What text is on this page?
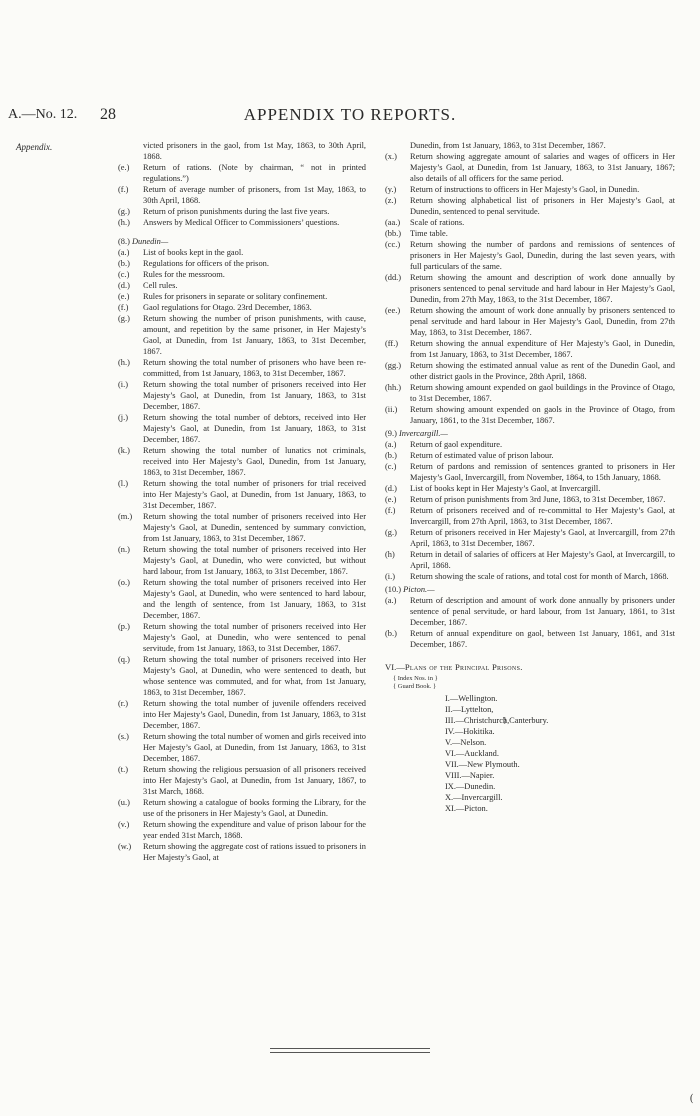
A.—No. 12. 28	APPENDIX TO REPORTS.
Appendix.	victed prisoners in the gaol, from 1st May, 1863, to 30th April, 1868.

(e.) Return of rations. (Note by chairman, “ not in printed regulations.”)

(f.) Return of average number of prisoners, from 1st May, 1863, to 30th April, 1868.

(g.) Return of prison punishments during the last five years.

(h.) Answers by Medical Officer to Commissioners’ questions.

(8.) Dunedin—

(a.) List of books kept in the gaol.

(b.) Regulations for officers of the prison.

(c.) Rules for the messroom.

(d.) Cell rules.

(e.) Rules for prisoners in separate or solitary confinement.

(f.) Gaol regulations for Otago. 23rd December, 1863.

(g.) Return showing the number of prison punishments, with cause, amount, and repetition by the same prisoner, in Her Majesty’s Gaol, at Dunedin, from 1st January, 1863, to 31st December, 1867.

(h.) Return showing the total number of prisoners who have been re-committed, from 1st January, 1863, to 31st December, 1867.

(i.) Return showing the total number of prisoners received into Her Majesty’s Gaol, at Dunedin, from 1st January, 1863, to 31st December, 1867.

(j.) Return showing the total number of debtors, received into Her Majesty’s Gaol, at Dunedin, from 1st January, 1863, to 31st December, 1867.

(k.) Return showing the total number of lunatics not criminals, received into Her Majesty’s Gaol, Dunedin, from 1st January, 1863, to 31st December, 1867.

(l.) Return showing the total number of prisoners for trial received into Her Majesty’s Gaol, at Dunedin, from 1st January, 1863, to 31st December, 1867.

(m.) Return showing the total number of prisoners received into Her Majesty’s Gaol, at Dunedin, sentenced by summary conviction, from 1st January, 1863, to 31st December, 1867.

(n.) Return showing the total number of prisoners received into Her Majesty’s Gaol, at Dunedin, who were convicted, but without hard labour, from 1st January, 1863, to 31st December, 1867.

(o.) Return showing the total number of prisoners received into Her Majesty’s Gaol, at Dunedin, who were sentenced to hard labour, and the length of sentence, from 1st January, 1863, to 31st December, 1867.

(p.) Return showing the total number of prisoners received into Her Majesty’s Gaol, at Dunedin, who were sentenced to penal servitude, from 1st January, 1863, to 31st December, 1867.

(q.) Return showing the total number of prisoners received into Her Majesty’s Gaol, at Dunedin, who were sentenced to death, but whose sentence was commuted, and for what, from 1st January, 1863, to 31st December, 1867.

(r.) Return showing the total number of juvenile offenders received into Her Majesty’s Gaol, Dunedin, from 1st January, 1863, to 31st December, 1867.

(s.) Return showing the total number of women and girls received into Her Majesty’s Gaol, at Dunedin, from 1st January, 1863, to 31st December, 1867.

(t.) Return showing the religious persuasion of all prisoners received into Her Majesty’s Gaol, at Dunedin, from 1st January, 1867, to 31st March, 1868.

(u.) Return showing a catalogue of books forming the Library, for the use of the prisoners in Her Majesty’s Gaol, at Dunedin.

(v.) Return showing the expenditure and value of prison labour for the year ended 31st March, 1868.

(w.) Return showing the aggregate cost of rations issued to prisoners in Her Majesty’s Gaol, at

Dunedin, from 1st January, 1863, to 31st December, 1867.

(x.) Return showing aggregate amount of salaries and wages of officers in Her Majesty’s Gaol, at Dunedin, from 1st January, 1863, to 31st January, 1867; also details of all officers for the same period.

(y.) Return of instructions to officers in Her Majesty’s Gaol, in Dunedin.

(z.) Return showing alphabetical list of prisoners in Her Majesty’s Gaol, at Dunedin, sentenced to penal servitude.

(aa.) Scale of rations.

(bb.) Time table.

(cc.) Return showing the number of pardons and remissions of sentences of prisoners in Her Majesty’s Gaol, Dunedin, during the last seven years, with full particulars of the same.

(dd.) Return showing the amount and description of work done annually by prisoners sentenced to penal servitude and hard labour in Her Majesty’s Gaol, Dunedin, from 27th May, 1863, to the 31st December, 1867.

(ee.) Return showing the amount of work done annually by prisoners sentenced to penal servitude and hard labour in Her Majesty’s Gaol, Dunedin, from 27th May, 1863, to 31st December, 1867.

(ff.) Return showing the annual expenditure of Her Majesty’s Gaol, in Dunedin, from 1st January, 1863, to 31st December, 1867.

(gg.) Return showing the estimated annual value as rent of the Dunedin Gaol, and other district gaols in the Province, 28th April, 1868.

(hh.) Return showing amount expended on gaol buildings in the Province of Otago, to 31st December, 1867.

(ii.) Return showing amount expended on gaols in the Province of Otago, from January, 1861, to the 31st December, 1867.

(9.) Invercargill.—

(a.) Return of gaol expenditure.

(b.) Return of estimated value of prison labour.

(c.) Return of pardons and remission of sentences granted to prisoners in Her Majesty’s Gaol, Invercargill, from November, 1864, to 15th January, 1868.

(d.) List of books kept in Her Majesty’s Gaol, at Invercargill.

(e.) Return of prison punishments from 3rd June, 1863, to 31st December, 1867.

(f.) Return of prisoners received and of re-committal to Her Majesty’s Gaol, at Invercargill, from 27th April, 1863, to 31st December, 1867.

(g.) Return of prisoners received in Her Majesty’s Gaol, at Invercargill, from 27th April, 1863, to 31st December, 1867.

(h) Return in detail of salaries of officers at Her Majesty’s Gaol, at Invercargill, to April, 1868.

(i.) Return showing the scale of rations, and total cost for month of March, 1868.

(10.) Picton.—

(a.) Return of description and amount of work done annually by prisoners under sentence of penal servitude, or hard labour, from 1st January, 1861, to 31st December, 1867.

(b.) Return of annual expenditure on gaol, between 1st January, 1861, and 31st December, 1867.

VI.—Plans of the Principal Prisons.
{ Index Nos. in }
{ Guard Book. }
I.—Wellington.
II.—Lyttelton,
III.—Christchurch,
IV.—Hokitika.
V.—Nelson.
VI.—Auckland.
VII.—New Plymouth.
VIII.—Napier.
IX.—Dunedin.
X.—Invercargill.
XI.—Picton.
} Canterbury.
(
